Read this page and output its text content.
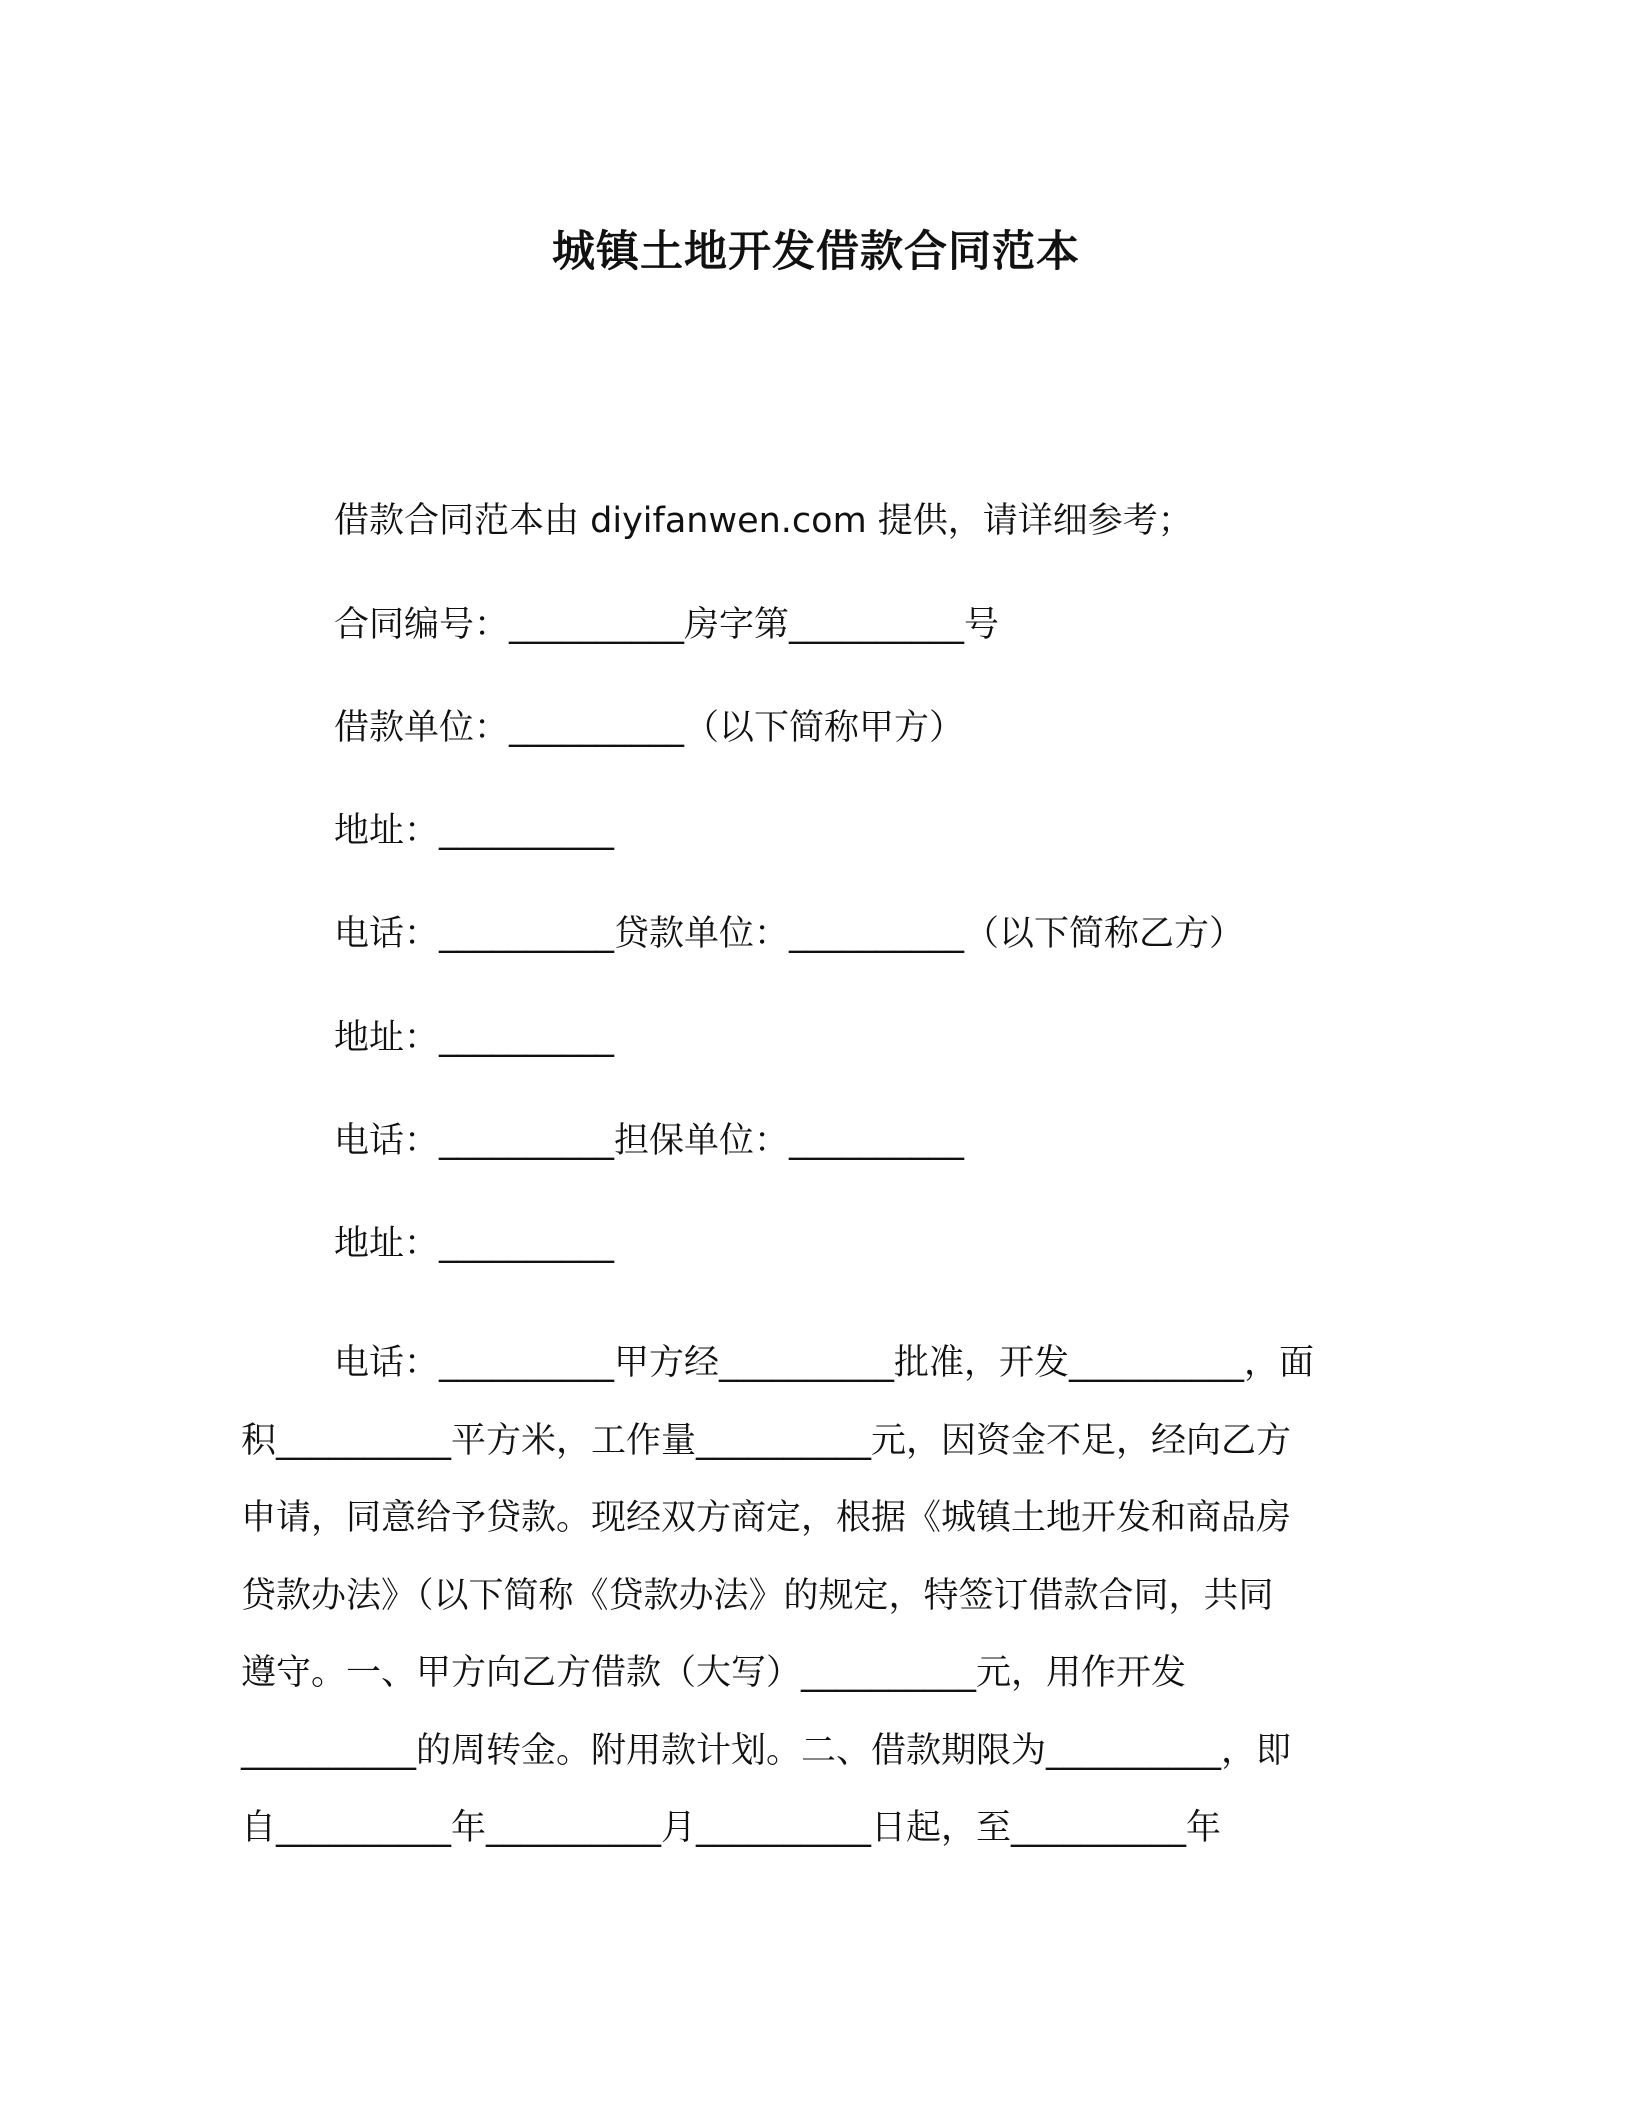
城镇土地开发借款合同范本
借款合同范本由 diyifanwen.com 提供，请详细参考；
合同编号：__________房字第__________号
借款单位：__________（以下简称甲方）
地址：__________
电话：__________贷款单位：__________（以下简称乙方）
地址：__________
电话：__________担保单位：__________
地址：__________
电话：__________甲方经__________批准，开发__________，面
积__________平方米，工作量__________元，因资金不足，经向乙方
申请，同意给予贷款。现经双方商定，根据《城镇土地开发和商品房
贷款办法》（以下简称《贷款办法》的规定，特签订借款合同，共同
遵守。一、甲方向乙方借款（大写）__________元，用作开发
__________的周转金。附用款计划。二、借款期限为__________，即
自__________年__________月__________日起，至__________年
